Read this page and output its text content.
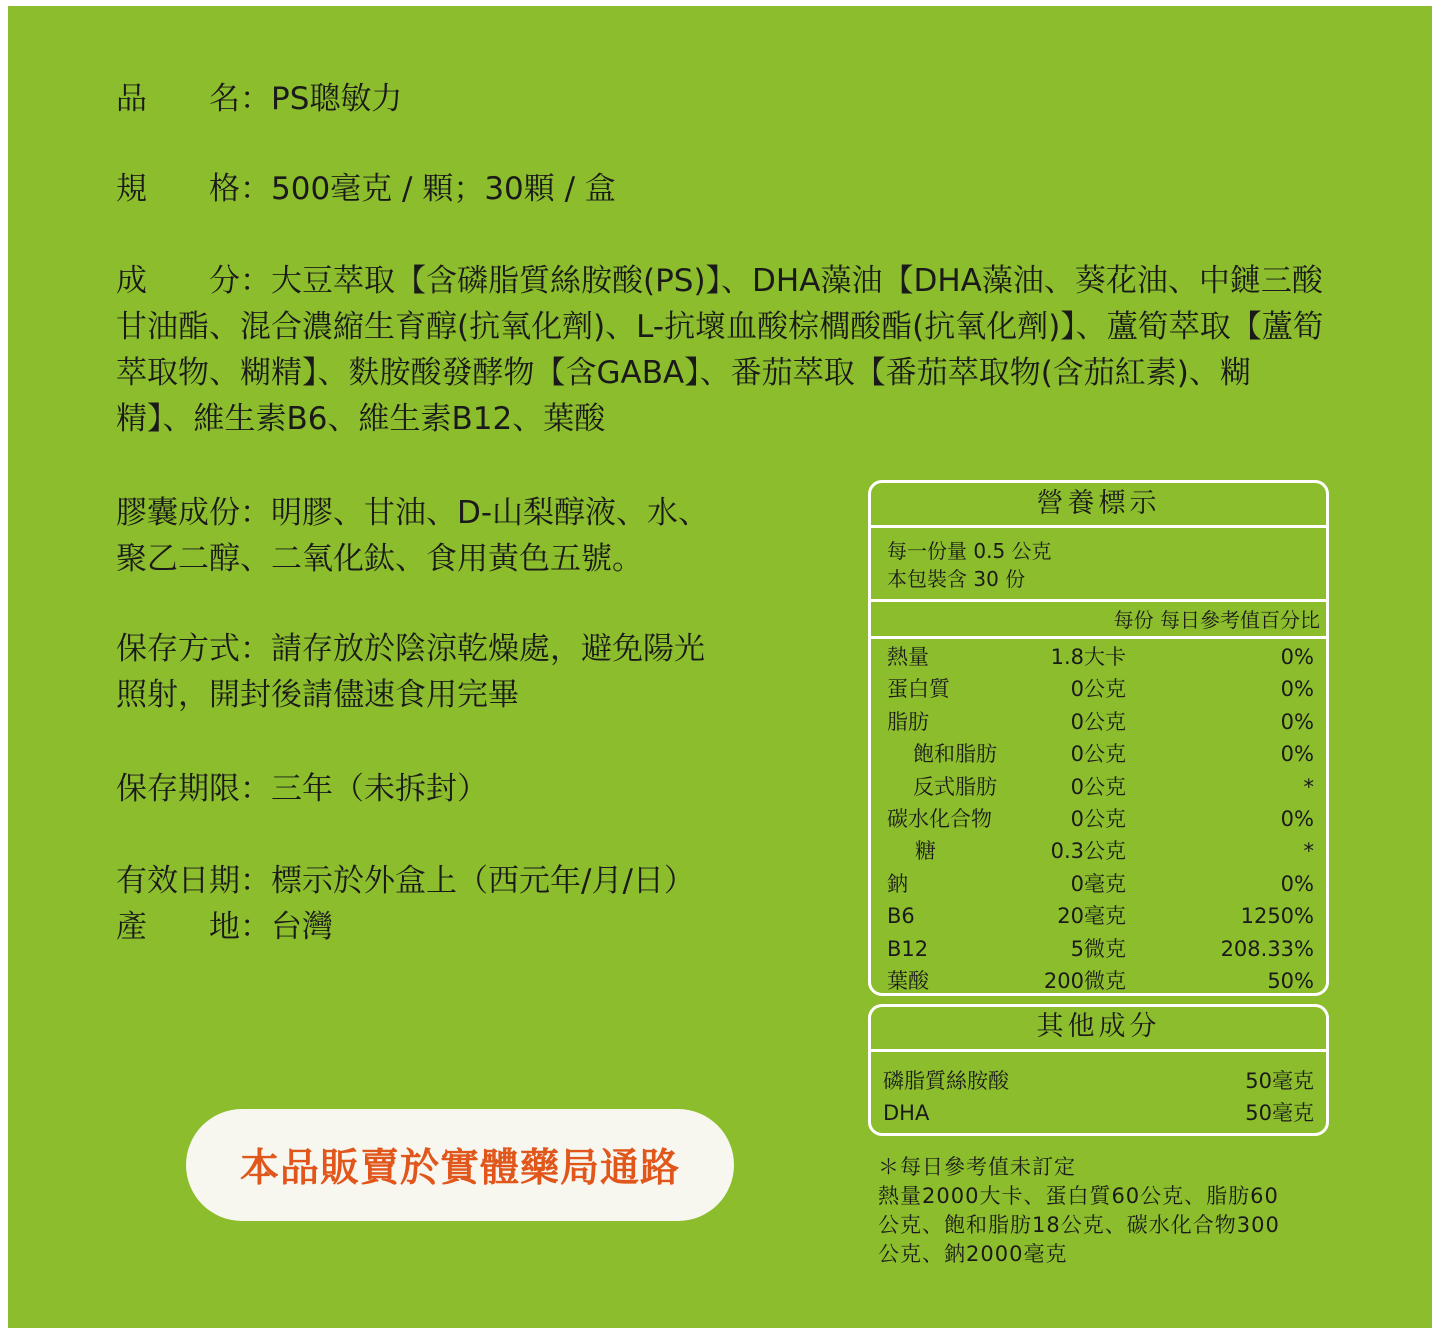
品　　名：PS聰敏力
規　　格：500毫克 / 顆；30顆 / 盒
成　　分：大豆萃取【含磷脂質絲胺酸(PS)】、DHA藻油【DHA藻油、葵花油、中鏈三酸甘油酯、混合濃縮生育醇(抗氧化劑)、L-抗壞血酸棕櫚酸酯(抗氧化劑)】、蘆筍萃取【蘆筍萃取物、糊精】、麩胺酸發酵物【含GABA】、番茄萃取【番茄萃取物(含茄紅素)、糊精】、維生素B6、維生素B12、葉酸
膠囊成份：明膠、甘油、D-山梨醇液、水、
聚乙二醇、二氧化鈦、食用黃色五號。
保存方式：請存放於陰涼乾燥處，避免陽光
照射，開封後請儘速食用完畢
保存期限：三年（未拆封）
有效日期：標示於外盒上（西元年/月/日）
產　　地：台灣
營養標示
每一份量 0.5 公克
本包裝含 30 份
每份 每日參考值百分比
熱量	1.8大卡	0%
蛋白質	0公克	0%
脂肪	0公克	0%
飽和脂肪	0公克	0%
反式脂肪	0公克	*
碳水化合物	0公克	0%
糖	0.3公克	*
鈉	0毫克	0%
B6	20毫克	1250%
B12	5微克	208.33%
葉酸	200微克	50%
其他成分
磷脂質絲胺酸	50毫克
DHA	50毫克
＊每日參考值未訂定
熱量2000大卡、蛋白質60公克、脂肪60
公克、飽和脂肪18公克、碳水化合物300
公克、鈉2000毫克
本品販賣於實體藥局通路
